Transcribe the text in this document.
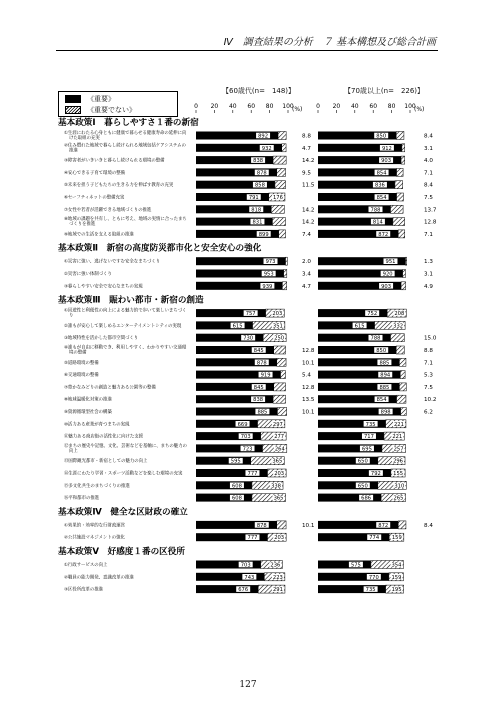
Ⅳ　調査結果の分析　７ 基本構想及び総合計画
《重要》
《重要でない》
【60歳代(n=　148)】	【70歳以上(n=　226)】
0 20 40 60 80 100
(%) 0 20 40 60 80 100
(%)
基本政策Ⅰ　暮らしやすさ１番の新宿
①生涯にわたる心身ともに健康で暮らせる健康寿命の延伸に向
けた取組の充実	892	8.8	850	8.4
②住み慣れた地域で暮らし続けられる地域包括ケアシステムの
推進	932	4.7	912	3.1
③障害者がいきいきと暮らし続けられる環境の整備	838	14.2	903	4.0
④安心できる子育て環境の整備	878	9.5	854	7.1
⑤未来を担う子どもたちの生きる力を伸ばす教育の充実	858	11.5	836	8.4
⑥セーフティネットの整備充実	791	176	854	7.5
⑦女性や若者が活躍できる地域づくりの推進	818	14.2	788	13.7
⑧地域の課題を共有し、ともに考え、地域の実情に合ったまち
づくりを推進	831	14.2	814	12.8
⑨地域での生活を支える取組の推進	899	7.4	872	7.1
基本政策Ⅱ　新宿の高度防災都市化と安全安心の強化
①災害に強い、逃げないですむ安全なまちづくり	973	2.0	951	1.3
②災害に強い体制づくり	953	3.4	920	3.1
③暮らしやすい安全で安心なまちの実現	939	4.7	903	4.9
基本政策Ⅲ　賑わい都市・新宿の創造
①回遊性と利便性の向上による魅力的で歩いて楽しいまちづく
り	757	203	752	208
②誰もが安心して楽しめるエンターテイメントシティの実現	615	351	615	332
③地域特性を活かした都市空間づくり	730	250	788	15.0
④誰もが自由に移動でき、利用しやすく、わかりやすい交通環
境の整備	845	12.8	850	8.8
⑤道路環境の整備	878	10.1	885	7.1
⑥交通環境の整備	919	5.4	894	5.3
⑦豊かなみどりの創造と魅力ある公園等の整備	845	12.8	885	7.5
⑧地球温暖化対策の推進	838	13.5	854	10.2
⑨資源循環型社会の構築	885	10.1	898	6.2
⑩活力ある産業が育つまちの実現	669	297	735	221
⑪魅力ある商店街の活性化に向けた支援	703	277	717	221
⑫まちの歴史や記憶、文化、芸術などを基軸に、まちの魅力の
向上	723	264	695	257
⑬国際観光都市・新宿としての魅力の向上	595	365	650	296
⑭生涯にわたり学習・スポーツ活動などを楽しむ環境の充実	777	203	792 155
⑮多文化共生のまちづくりの推進	608	338	650	310
⑯平和都市の推進	608	365	686	265
基本政策Ⅳ　健全な区財政の確立
①効果的・効率的な行財政運営	878	10.1	872	8.4
②公共施設マネジメントの強化	777	203	774 159
基本政策Ⅴ　好感度１番の区役所
①行政サービスの向上	703	236	575	354
②職員の能力開発、意識改革の推進	743	223	770 159
③区役所改革の推進	676	291	735	195
127
